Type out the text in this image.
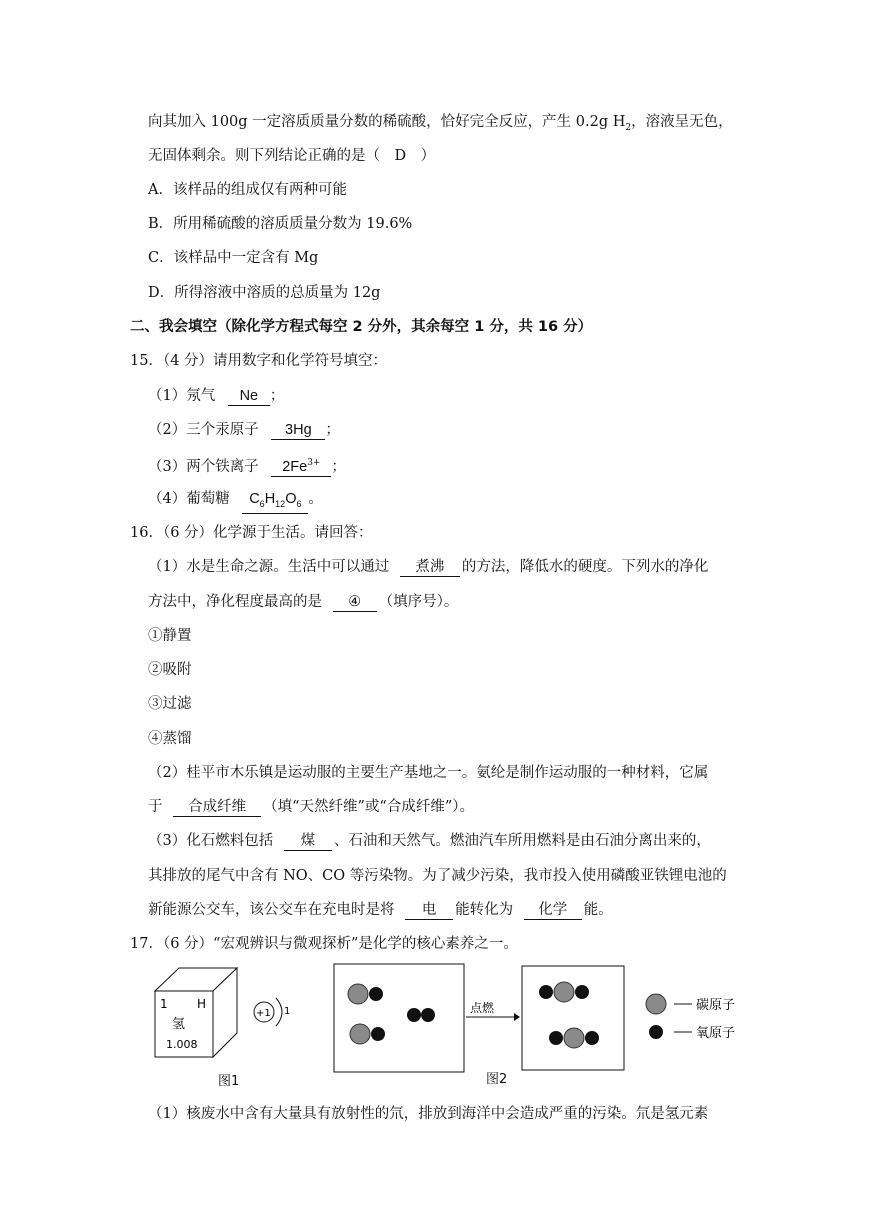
向其加入 100g 一定溶质质量分数的稀硫酸，恰好完全反应，产生 0.2g $H_2$，溶液呈无色，
无固体剩余。则下列结论正确的是（　D　）
A．该样品的组成仅有两种可能
B．所用稀硫酸的溶质质量分数为 19.6%
C．该样品中一定含有 Mg
D．所得溶液中溶质的总质量为 12g
二、我会填空（除化学方程式每空 2 分外，其余每空 1 分，共 16 分）
15．（4 分）请用数字和化学符号填空：
（1）氖气 Ne ；
（2）三个汞原子 3Hg ；
（3）两个铁离子 $2Fe^{3+}$ ；
（4）葡萄糖 $C_6H_{12}O_6$ 。
16．（6 分）化学源于生活。请回答：
（1）水是生命之源。生活中可以通过 煮沸 的方法，降低水的硬度。下列水的净化
方法中，净化程度最高的是 ④ （填序号）。
①静置
②吸附
③过滤
④蒸馏
（2）桂平市木乐镇是运动服的主要生产基地之一。氨纶是制作运动服的一种材料，它属
于 合成纤维 （填“天然纤维”或“合成纤维”）。
（3）化石燃料包括 煤 、石油和天然气。燃油汽车所用燃料是由石油分离出来的，
其排放的尾气中含有 NO、CO 等污染物。为了减少污染，我市投入使用磷酸亚铁锂电池的
新能源公交车，该公交车在充电时是将 电 能转化为 化学 能。
17．（6 分）“宏观辨识与微观探析”是化学的核心素养之一。
1 H
氢
1.008
+1 1
图1
点燃	碳原子
氧原子
图2
（1）核废水中含有大量具有放射性的氘，排放到海洋中会造成严重的污染。氘是氢元素
